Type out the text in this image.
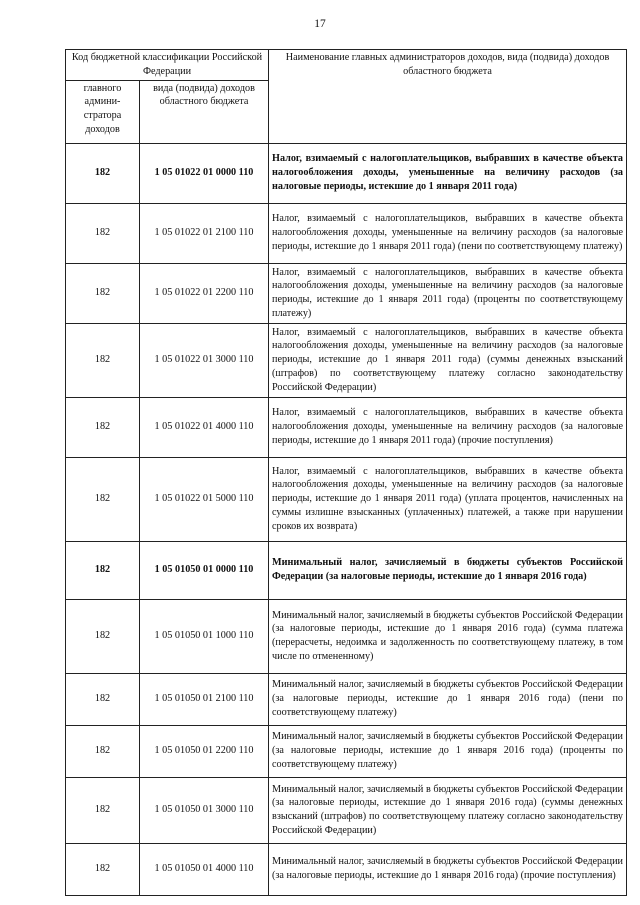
17
Код бюджетной классификации Российской Федерации		Наименование главных администраторов доходов, вида (подвида) доходов областного бюджета
главного админи-стратора доходов	вида (подвида) доходов областного бюджета	
182	1 05 01022 01 0000 110	Налог, взимаемый с налогоплательщиков, выбравших в качестве объекта налогообложения доходы, уменьшенные на величину расходов (за налоговые периоды, истекшие до 1 января 2011 года)
182	1 05 01022 01 2100 110	Налог, взимаемый с налогоплательщиков, выбравших в качестве объекта налогообложения доходы, уменьшенные на величину расходов (за налоговые периоды, истекшие до 1 января 2011 года) (пени по соответствующему платежу)
182	1 05 01022 01 2200 110	Налог, взимаемый с налогоплательщиков, выбравших в качестве объекта налогообложения доходы, уменьшенные на величину расходов (за налоговые периоды, истекшие до 1 января 2011 года) (проценты по соответствующему платежу)
182	1 05 01022 01 3000 110	Налог, взимаемый с налогоплательщиков, выбравших в качестве объекта налогообложения доходы, уменьшенные на величину расходов (за налоговые периоды, истекшие до 1 января 2011 года) (суммы денежных взысканий (штрафов) по соответствующему платежу согласно законодательству Российской Федерации)
182	1 05 01022 01 4000 110	Налог, взимаемый с налогоплательщиков, выбравших в качестве объекта налогообложения доходы, уменьшенные на величину расходов (за налоговые периоды, истекшие до 1 января 2011 года) (прочие поступления)
182	1 05 01022 01 5000 110	Налог, взимаемый с налогоплательщиков, выбравших в качестве объекта налогообложения доходы, уменьшенные на величину расходов (за налоговые периоды, истекшие до 1 января 2011 года) (уплата процентов, начисленных на суммы излишне взысканных (уплаченных) платежей, а также при нарушении сроков их возврата)
182	1 05 01050 01 0000 110	Минимальный налог, зачисляемый в бюджеты субъектов Российской Федерации (за налоговые периоды, истекшие до 1 января 2016 года)
182	1 05 01050 01 1000 110	Минимальный налог, зачисляемый в бюджеты субъектов Российской Федерации (за налоговые периоды, истекшие до 1 января 2016 года) (сумма платежа (перерасчеты, недоимка и задолженность по соответствующему платежу, в том числе по отмененному)
182	1 05 01050 01 2100 110	Минимальный налог, зачисляемый в бюджеты субъектов Российской Федерации (за налоговые периоды, истекшие до 1 января 2016 года) (пени по соответствующему платежу)
182	1 05 01050 01 2200 110	Минимальный налог, зачисляемый в бюджеты субъектов Российской Федерации (за налоговые периоды, истекшие до 1 января 2016 года) (проценты по соответствующему платежу)
182	1 05 01050 01 3000 110	Минимальный налог, зачисляемый в бюджеты субъектов Российской Федерации (за налоговые периоды, истекшие до 1 января 2016 года) (суммы денежных взысканий (штрафов) по соответствующему платежу согласно законодательству Российской Федерации)
182	1 05 01050 01 4000 110	Минимальный налог, зачисляемый в бюджеты субъектов Российской Федерации (за налоговые периоды, истекшие до 1 января 2016 года) (прочие поступления)
